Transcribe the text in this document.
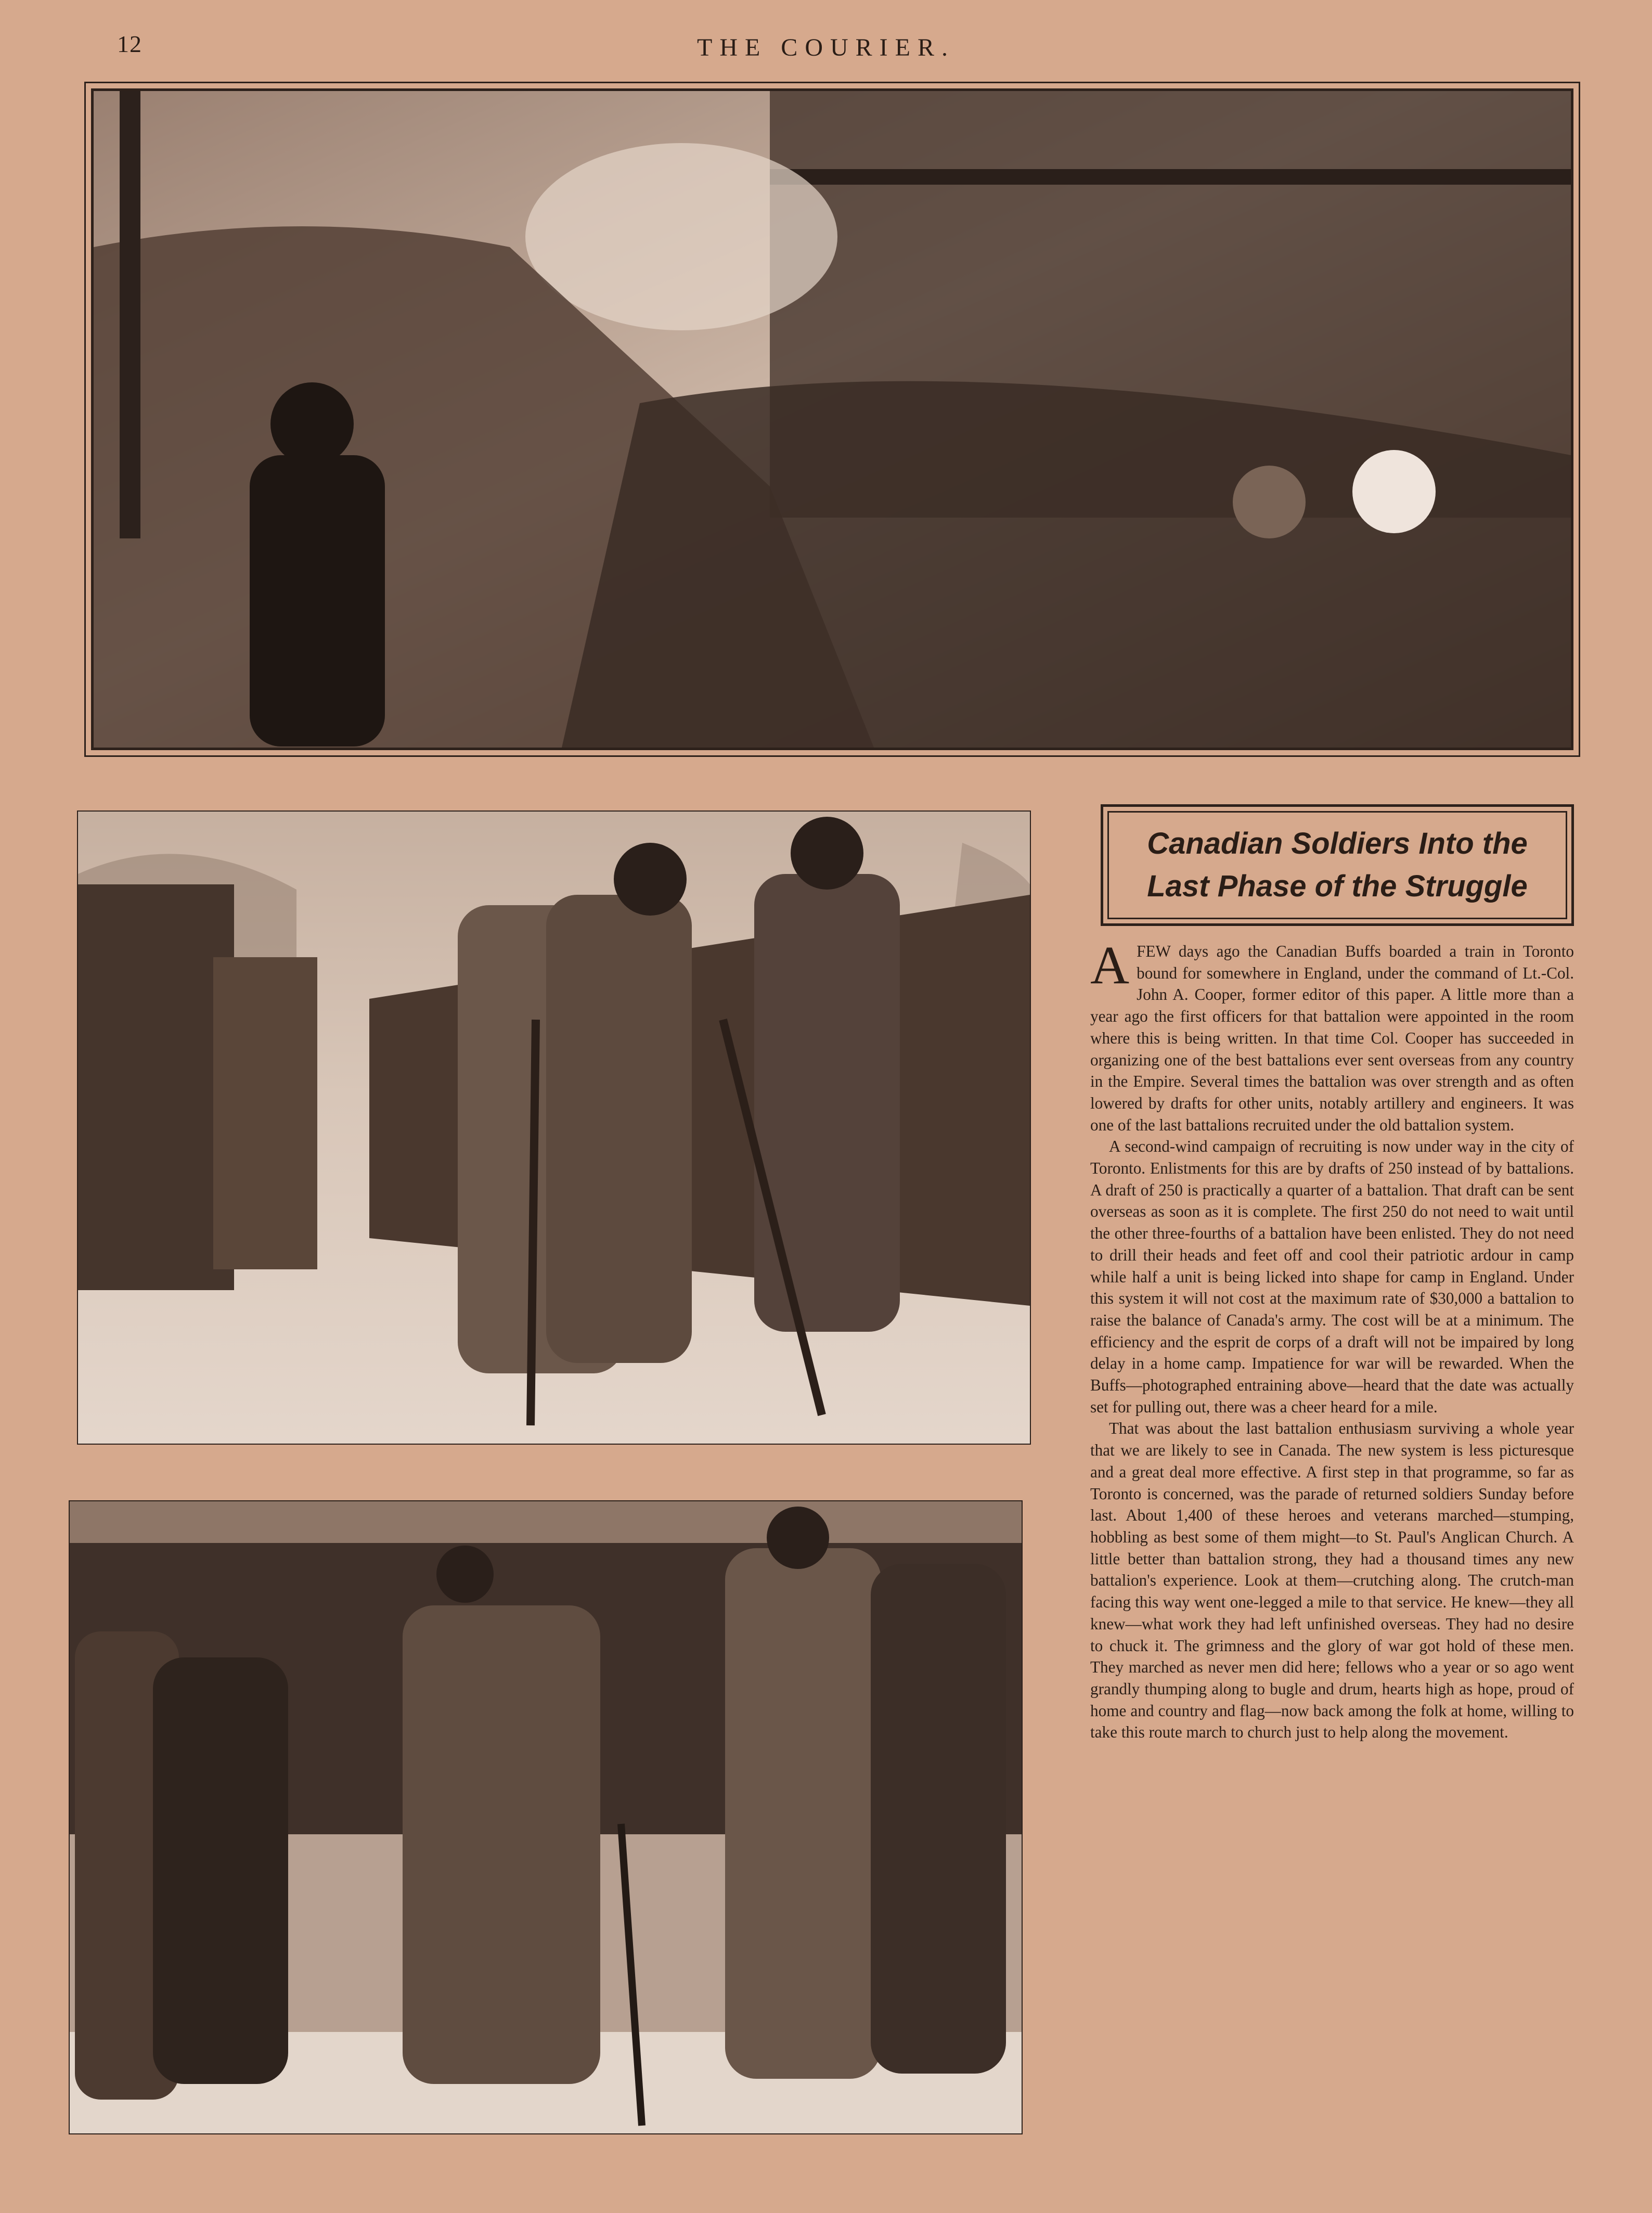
12	THE COURIER.
Canadian Soldiers Into the
Last Phase of the Struggle

A FEW days ago the Canadian Buffs boarded a train in Toronto bound for somewhere in England, under the command of Lt.-Col. John A. Cooper, former editor of this paper. A little more than a year ago the first officers for that battalion were appointed in the room where this is being written. In that time Col. Cooper has succeeded in organizing one of the best battalions ever sent overseas from any country in the Empire. Several times the battalion was over strength and as often lowered by drafts for other units, notably artillery and engineers. It was one of the last battalions recruited under the old battalion system.

A second-wind campaign of recruiting is now under way in the city of Toronto. Enlistments for this are by drafts of 250 instead of by battalions. A draft of 250 is practically a quarter of a battalion. That draft can be sent overseas as soon as it is complete. The first 250 do not need to wait until the other three-fourths of a battalion have been enlisted. They do not need to drill their heads and feet off and cool their patriotic ardour in camp while half a unit is being licked into shape for camp in England. Under this system it will not cost at the maximum rate of $30,000 a battalion to raise the balance of Canada's army. The cost will be at a minimum. The efficiency and the esprit de corps of a draft will not be impaired by long delay in a home camp. Impatience for war will be rewarded. When the Buffs—photographed entraining above—heard that the date was actually set for pulling out, there was a cheer heard for a mile.

That was about the last battalion enthusiasm surviving a whole year that we are likely to see in Canada. The new system is less picturesque and a great deal more effective. A first step in that programme, so far as Toronto is concerned, was the parade of returned soldiers Sunday before last. About 1,400 of these heroes and veterans marched—stumping, hobbling as best some of them might—to St. Paul's Anglican Church. A little better than battalion strong, they had a thousand times any new battalion's experience. Look at them—crutching along. The crutch-man facing this way went one-legged a mile to that service. He knew—they all knew—what work they had left unfinished overseas. They had no desire to chuck it. The grimness and the glory of war got hold of these men. They marched as never men did here; fellows who a year or so ago went grandly thumping along to bugle and drum, hearts high as hope, proud of home and country and flag—now back among the folk at home, willing to take this route march to church just to help along the movement.
